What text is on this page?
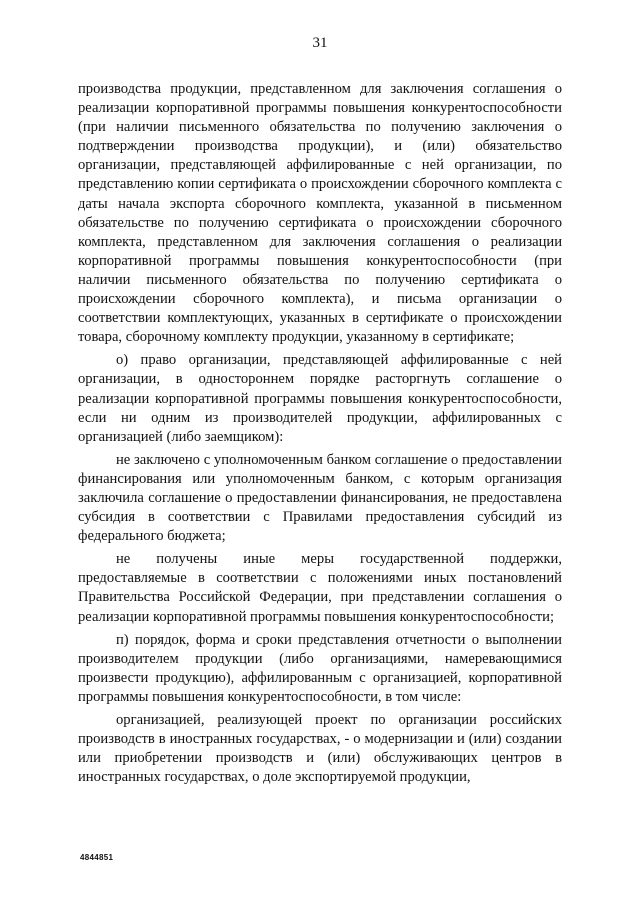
31

производства продукции, представленном для заключения соглашения о реализации корпоративной программы повышения конкурентоспособности (при наличии письменного обязательства по получению заключения о подтверждении производства продукции), и (или) обязательство организации, представляющей аффилированные с ней организации, по представлению копии сертификата о происхождении сборочного комплекта с даты начала экспорта сборочного комплекта, указанной в письменном обязательстве по получению сертификата о происхождении сборочного комплекта, представленном для заключения соглашения о реализации корпоративной программы повышения конкурентоспособности (при наличии письменного обязательства по получению сертификата о происхождении сборочного комплекта), и письма организации о соответствии комплектующих, указанных в сертификате о происхождении товара, сборочному комплекту продукции, указанному в сертификате;

о) право организации, представляющей аффилированные с ней организации, в одностороннем порядке расторгнуть соглашение о реализации корпоративной программы повышения конкурентоспособности, если ни одним из производителей продукции, аффилированных с организацией (либо заемщиком):

не заключено с уполномоченным банком соглашение о предоставлении финансирования или уполномоченным банком, с которым организация заключила соглашение о предоставлении финансирования, не предоставлена субсидия в соответствии с Правилами предоставления субсидий из федерального бюджета;

не получены иные меры государственной поддержки, предоставляемые в соответствии с положениями иных постановлений Правительства Российской Федерации, при представлении соглашения о реализации корпоративной программы повышения конкурентоспособности;

п) порядок, форма и сроки представления отчетности о выполнении производителем продукции (либо организациями, намеревающимися произвести продукцию), аффилированным с организацией, корпоративной программы повышения конкурентоспособности, в том числе:

организацией, реализующей проект по организации российских производств в иностранных государствах, - о модернизации и (или) создании или приобретении производств и (или) обслуживающих центров в иностранных государствах, о доле экспортируемой продукции,

4844851
